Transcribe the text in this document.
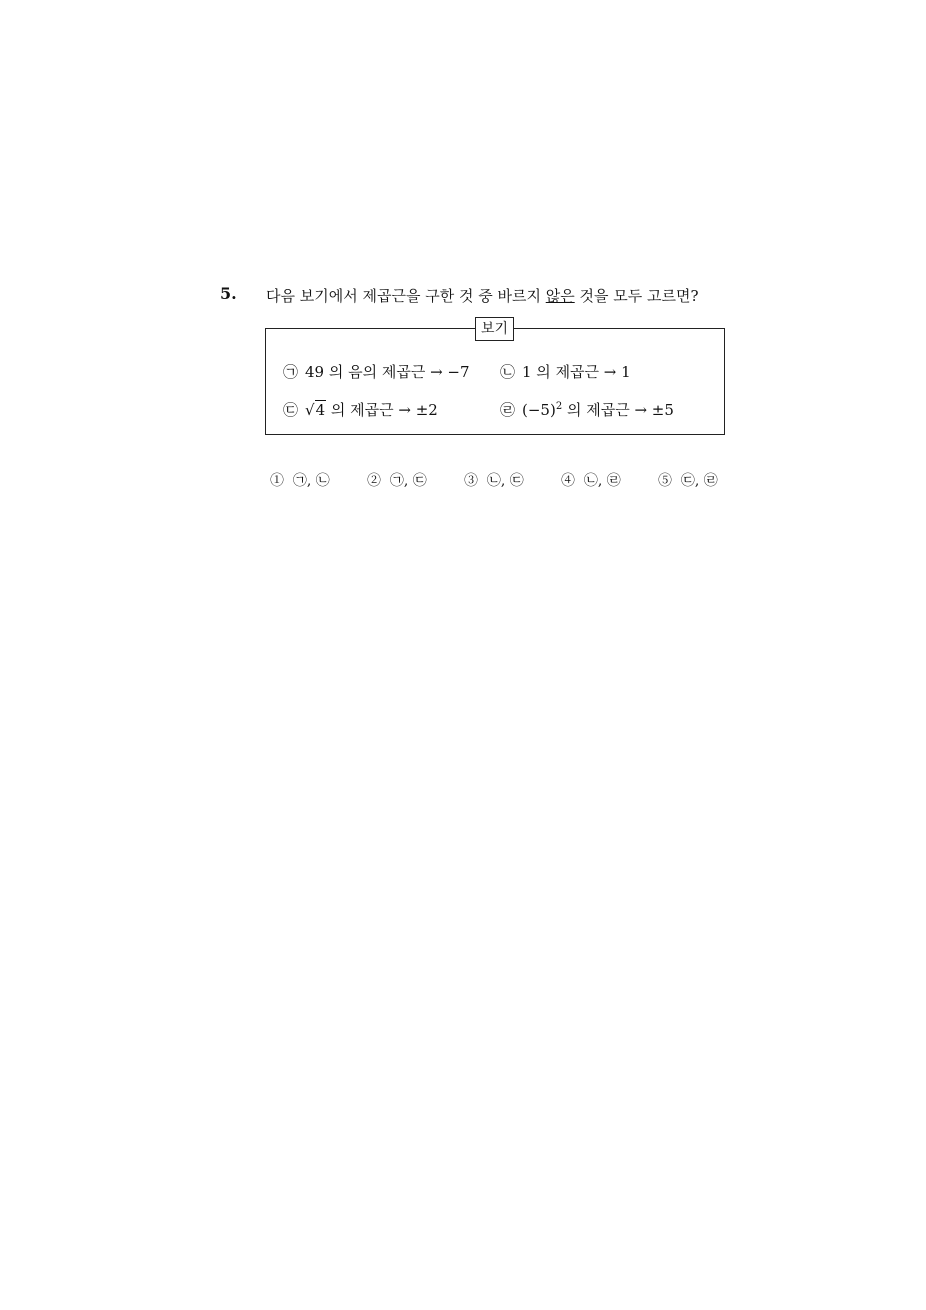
5. 다음 보기에서 제곱근을 구한 것 중 바르지 않은 것을 모두 고르면?
보기
㉠ 49 의 음의 제곱근 → −7 ㉡ 1 의 제곱근 → 1
㉢ √4 의 제곱근 → ±2	㉣ $(-5)^2$ 의 제곱근 → ±5
① ㉠, ㉡	② ㉠, ㉢	③ ㉡, ㉢	④ ㉡, ㉣	⑤ ㉢, ㉣
